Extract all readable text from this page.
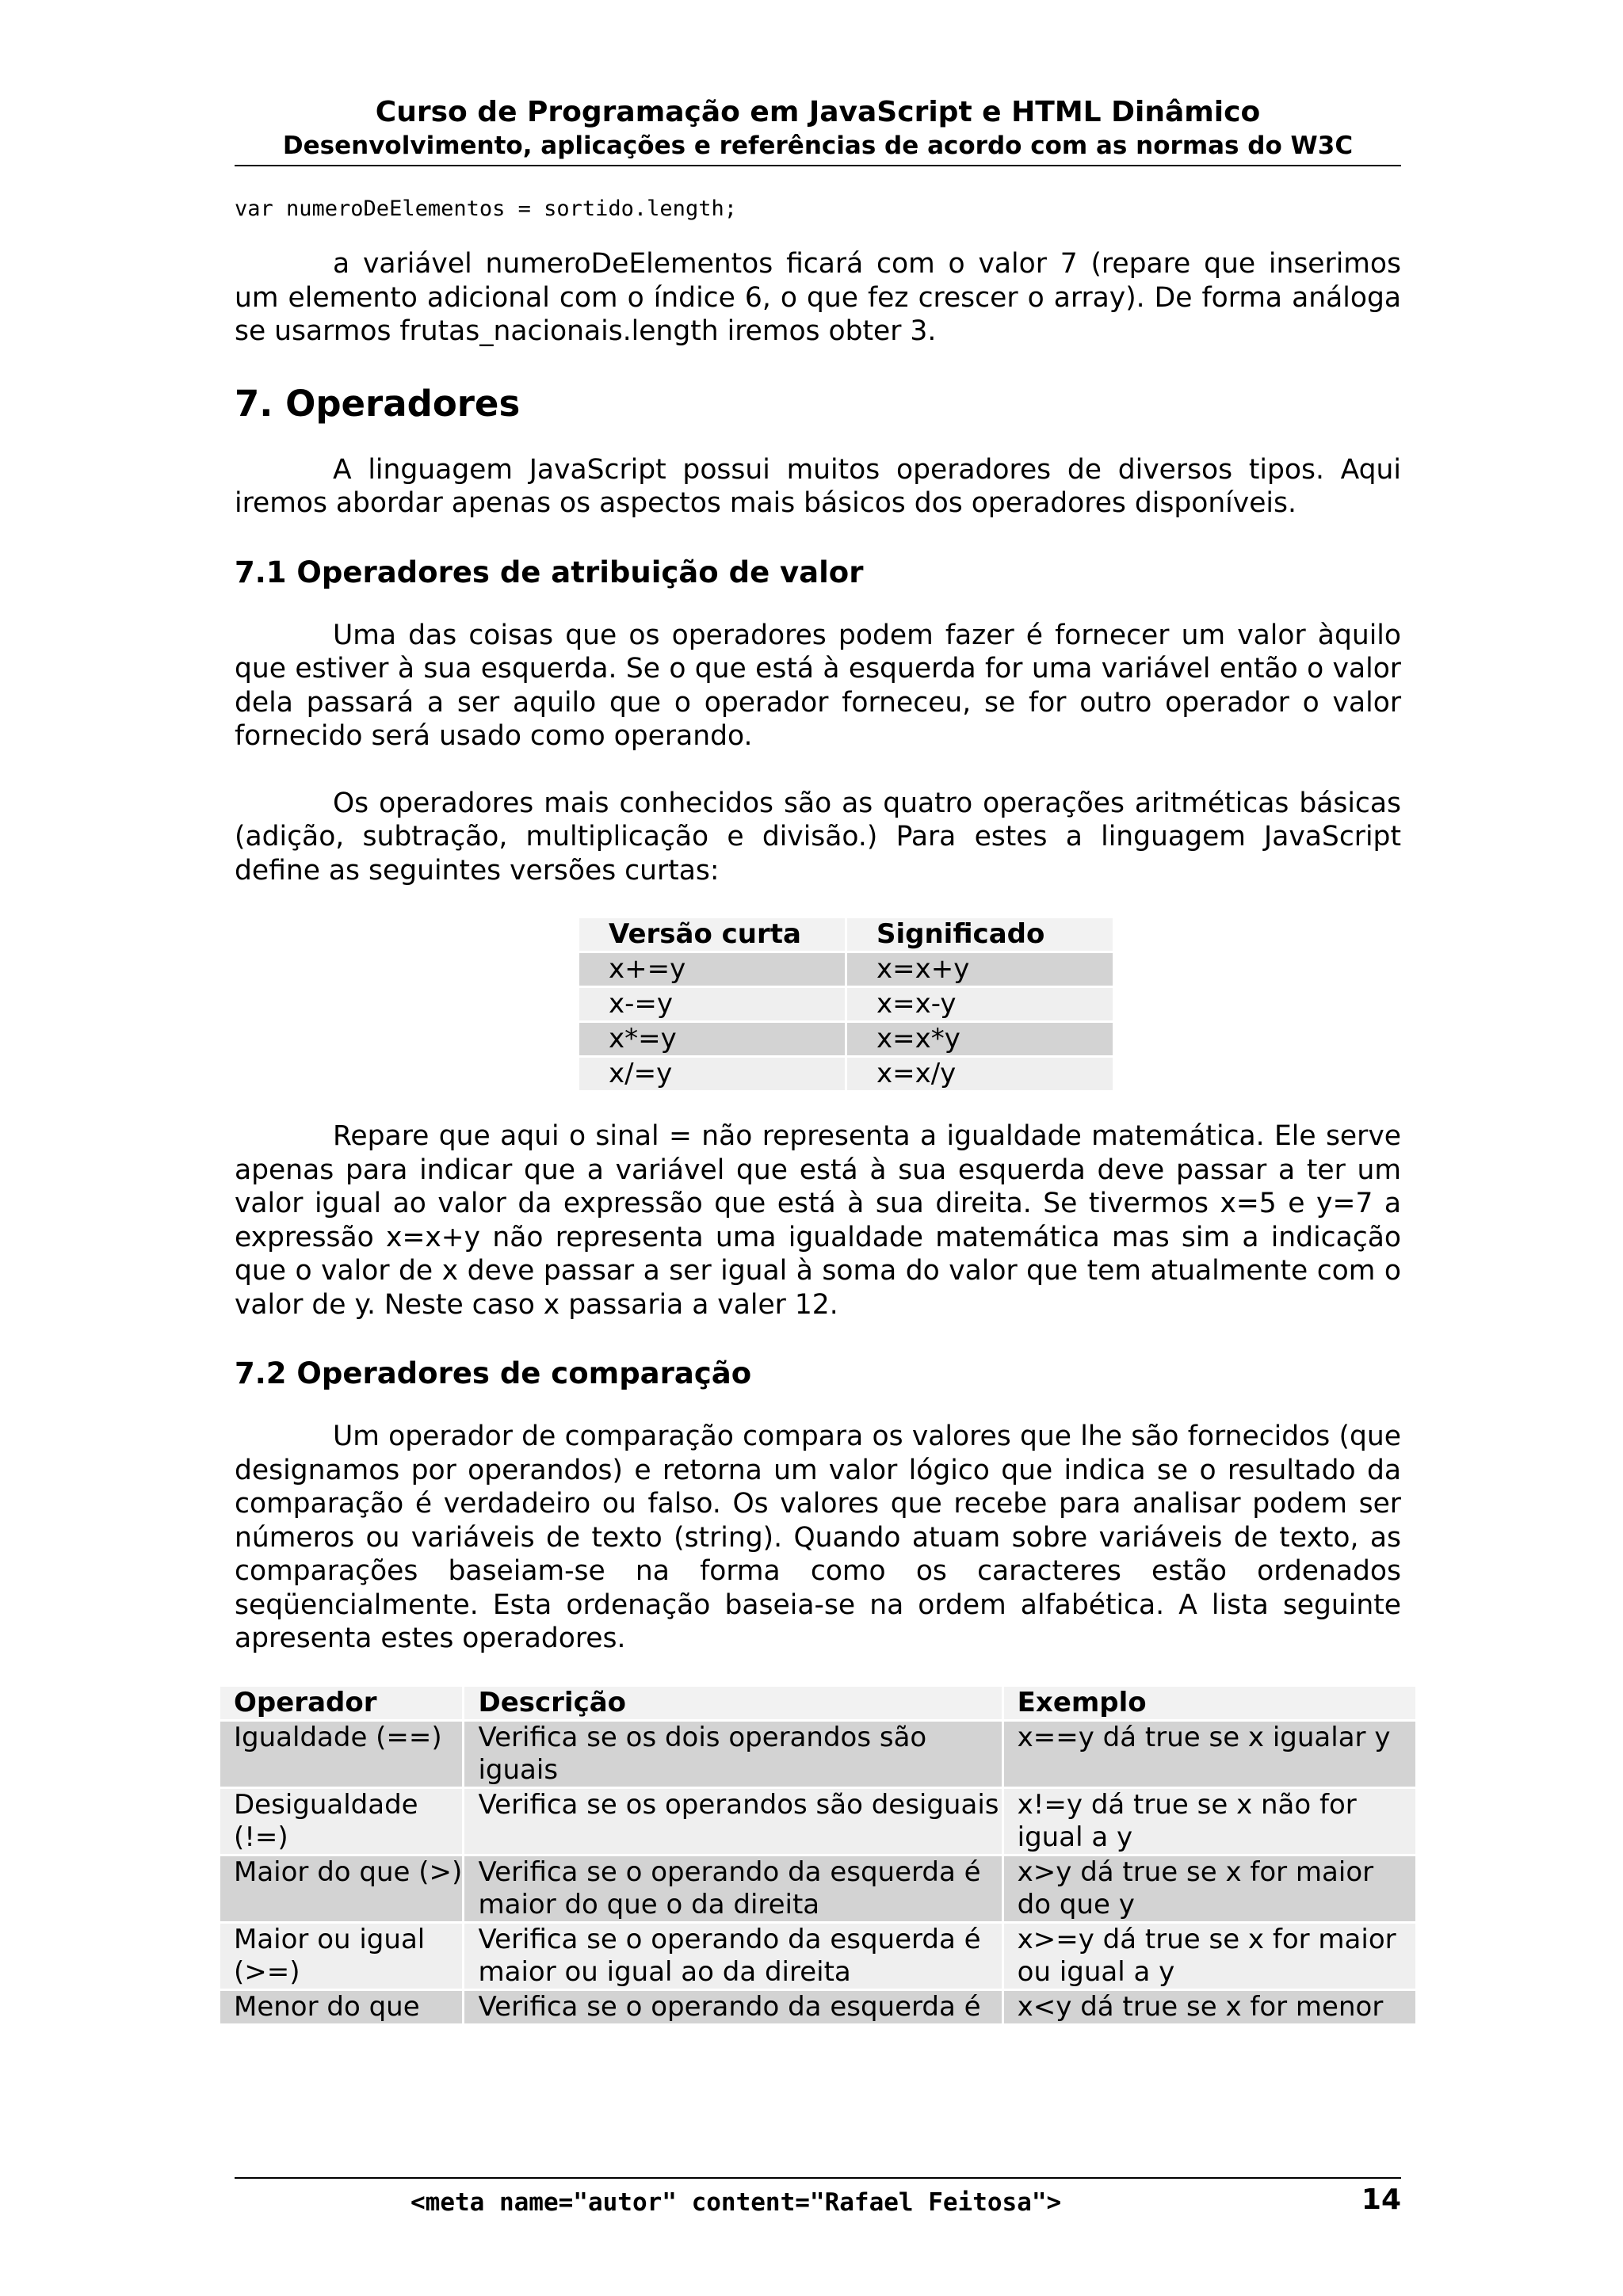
Curso de Programação em JavaScript e HTML Dinâmico
Desenvolvimento, aplicações e referências de acordo com as normas do W3C
var numeroDeElementos = sortido.length;

a variável numeroDeElementos ficará com o valor 7 (repare que inserimos um elemento adicional com o índice 6, o que fez crescer o array). De forma análoga se usarmos frutas_nacionais.length iremos obter 3.

7. Operadores

A linguagem JavaScript possui muitos operadores de diversos tipos. Aqui iremos abordar apenas os aspectos mais básicos dos operadores disponíveis.

7.1 Operadores de atribuição de valor

Uma das coisas que os operadores podem fazer é fornecer um valor àquilo que estiver à sua esquerda. Se o que está à esquerda for uma variável então o valor dela passará a ser aquilo que o operador forneceu, se for outro operador o valor fornecido será usado como operando.

Os operadores mais conhecidos são as quatro operações aritméticas básicas (adição, subtração, multiplicação e divisão.) Para estes a linguagem JavaScript define as seguintes versões curtas:

Versão curta	Significado
x+=y	x=x+y
x-=y	x=x-y
x*=y	x=x*y
x/=y	x=x/y

Repare que aqui o sinal = não representa a igualdade matemática. Ele serve apenas para indicar que a variável que está à sua esquerda deve passar a ter um valor igual ao valor da expressão que está à sua direita. Se tivermos x=5 e y=7 a expressão x=x+y não representa uma igualdade matemática mas sim a indicação que o valor de x deve passar a ser igual à soma do valor que tem atualmente com o valor de y. Neste caso x passaria a valer 12.

7.2 Operadores de comparação

Um operador de comparação compara os valores que lhe são fornecidos (que designamos por operandos) e retorna um valor lógico que indica se o resultado da comparação é verdadeiro ou falso. Os valores que recebe para analisar podem ser números ou variáveis de texto (string). Quando atuam sobre variáveis de texto, as comparações baseiam-se na forma como os caracteres estão ordenados seqüencialmente. Esta ordenação baseia-se na ordem alfabética. A lista seguinte apresenta estes operadores.

Operador	Descrição	Exemplo
Igualdade (==)	Verifica se os dois operandos são iguais	x==y dá true se x igualar y
Desigualdade (!=)	Verifica se os operandos são desiguais	x!=y dá true se x não for igual a y
Maior do que (>)	Verifica se o operando da esquerda é maior do que o da direita	x>y dá true se x for maior do que y
Maior ou igual (>=)	Verifica se o operando da esquerda é maior ou igual ao da direita	x>=y dá true se x for maior ou igual a y
Menor do que	Verifica se o operando da esquerda é	x<y dá true se x for menor
<meta name="autor" content="Rafael Feitosa">	14
